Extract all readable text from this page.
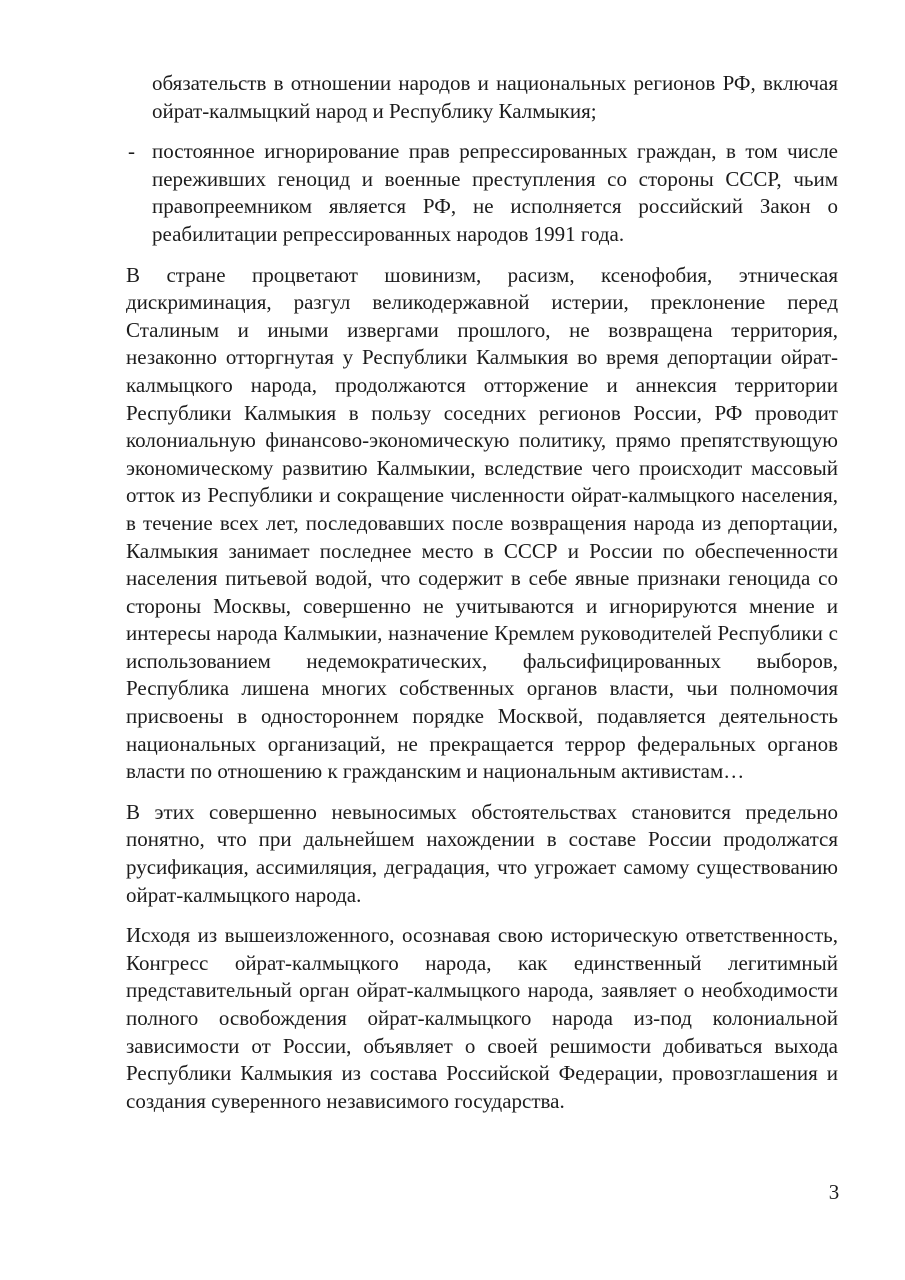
обязательств в отношении народов и национальных регионов РФ, включая ойрат-калмыцкий народ и Республику Калмыкия;
- постоянное игнорирование прав репрессированных граждан, в том числе переживших геноцид и военные преступления со стороны СССР, чьим правопреемником является РФ, не исполняется российский Закон о реабилитации репрессированных народов 1991 года.

В стране процветают шовинизм, расизм, ксенофобия, этническая дискриминация, разгул великодержавной истерии, преклонение перед Сталиным и иными извергами прошлого, не возвращена территория, незаконно отторгнутая у Республики Калмыкия во время депортации ойрат-калмыцкого народа, продолжаются отторжение и аннексия территории Республики Калмыкия в пользу соседних регионов России, РФ проводит колониальную финансово-экономическую политику, прямо препятствующую экономическому развитию Калмыкии, вследствие чего происходит массовый отток из Республики и сокращение численности ойрат-калмыцкого населения, в течение всех лет, последовавших после возвращения народа из депортации, Калмыкия занимает последнее место в СССР и России по обеспеченности населения питьевой водой, что содержит в себе явные признаки геноцида со стороны Москвы, совершенно не учитываются и игнорируются мнение и интересы народа Калмыкии, назначение Кремлем руководителей Республики с использованием недемократических, фальсифицированных выборов, Республика лишена многих собственных органов власти, чьи полномочия присвоены в одностороннем порядке Москвой, подавляется деятельность национальных организаций, не прекращается террор федеральных органов власти по отношению к гражданским и национальным активистам…

В этих совершенно невыносимых обстоятельствах становится предельно понятно, что при дальнейшем нахождении в составе России продолжатся русификация, ассимиляция, деградация, что угрожает самому существованию ойрат-калмыцкого народа.

Исходя из вышеизложенного, осознавая свою историческую ответственность, Конгресс ойрат-калмыцкого народа, как единственный легитимный представительный орган ойрат-калмыцкого народа, заявляет о необходимости полного освобождения ойрат-калмыцкого народа из-под колониальной зависимости от России, объявляет о своей решимости добиваться выхода Республики Калмыкия из состава Российской Федерации, провозглашения и создания суверенного независимого государства.

3
